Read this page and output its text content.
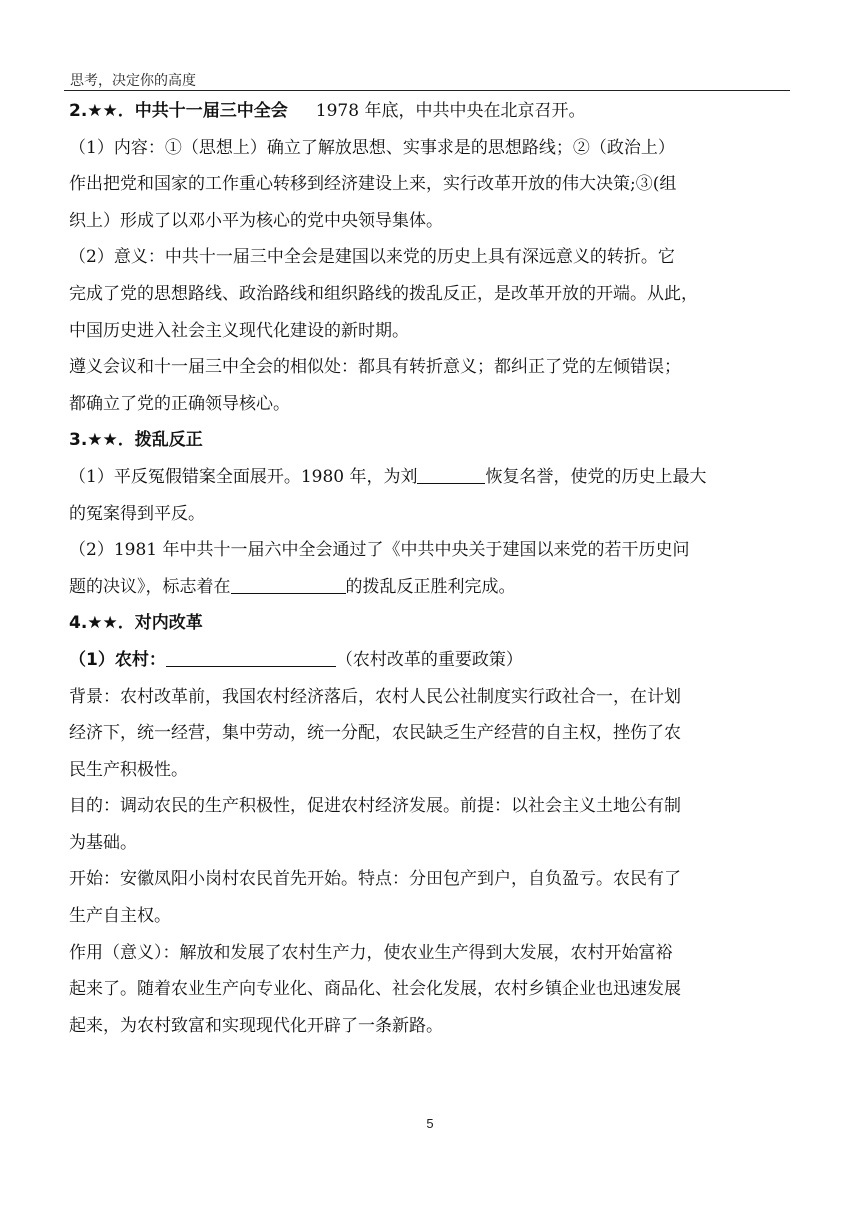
思考，决定你的高度

2.★★．中共十一届三中全会 1978 年底，中共中央在北京召开。

（1）内容：①（思想上）确立了解放思想、实事求是的思想路线；②（政治上）

作出把党和国家的工作重心转移到经济建设上来，实行改革开放的伟大决策;③(组

织上）形成了以邓小平为核心的党中央领导集体。

（2）意义：中共十一届三中全会是建国以来党的历史上具有深远意义的转折。它

完成了党的思想路线、政治路线和组织路线的拨乱反正，是改革开放的开端。从此，

中国历史进入社会主义现代化建设的新时期。

遵义会议和十一届三中全会的相似处：都具有转折意义；都纠正了党的左倾错误；

都确立了党的正确领导核心。

3.★★．拨乱反正

（1）平反冤假错案全面展开。1980 年，为刘	恢复名誉，使党的历史上最大

的冤案得到平反。

（2）1981 年中共十一届六中全会通过了《中共中央关于建国以来党的若干历史问

题的决议》，标志着在	的拨乱反正胜利完成。

4.★★．对内改革

（1）农村：	（农村改革的重要政策）

背景：农村改革前，我国农村经济落后，农村人民公社制度实行政社合一，在计划

经济下，统一经营，集中劳动，统一分配，农民缺乏生产经营的自主权，挫伤了农

民生产积极性。

目的：调动农民的生产积极性，促进农村经济发展。前提：以社会主义土地公有制

为基础。

开始：安徽凤阳小岗村农民首先开始。特点：分田包产到户，自负盈亏。农民有了

生产自主权。

作用（意义）：解放和发展了农村生产力，使农业生产得到大发展，农村开始富裕

起来了。随着农业生产向专业化、商品化、社会化发展，农村乡镇企业也迅速发展

起来，为农村致富和实现现代化开辟了一条新路。

5
